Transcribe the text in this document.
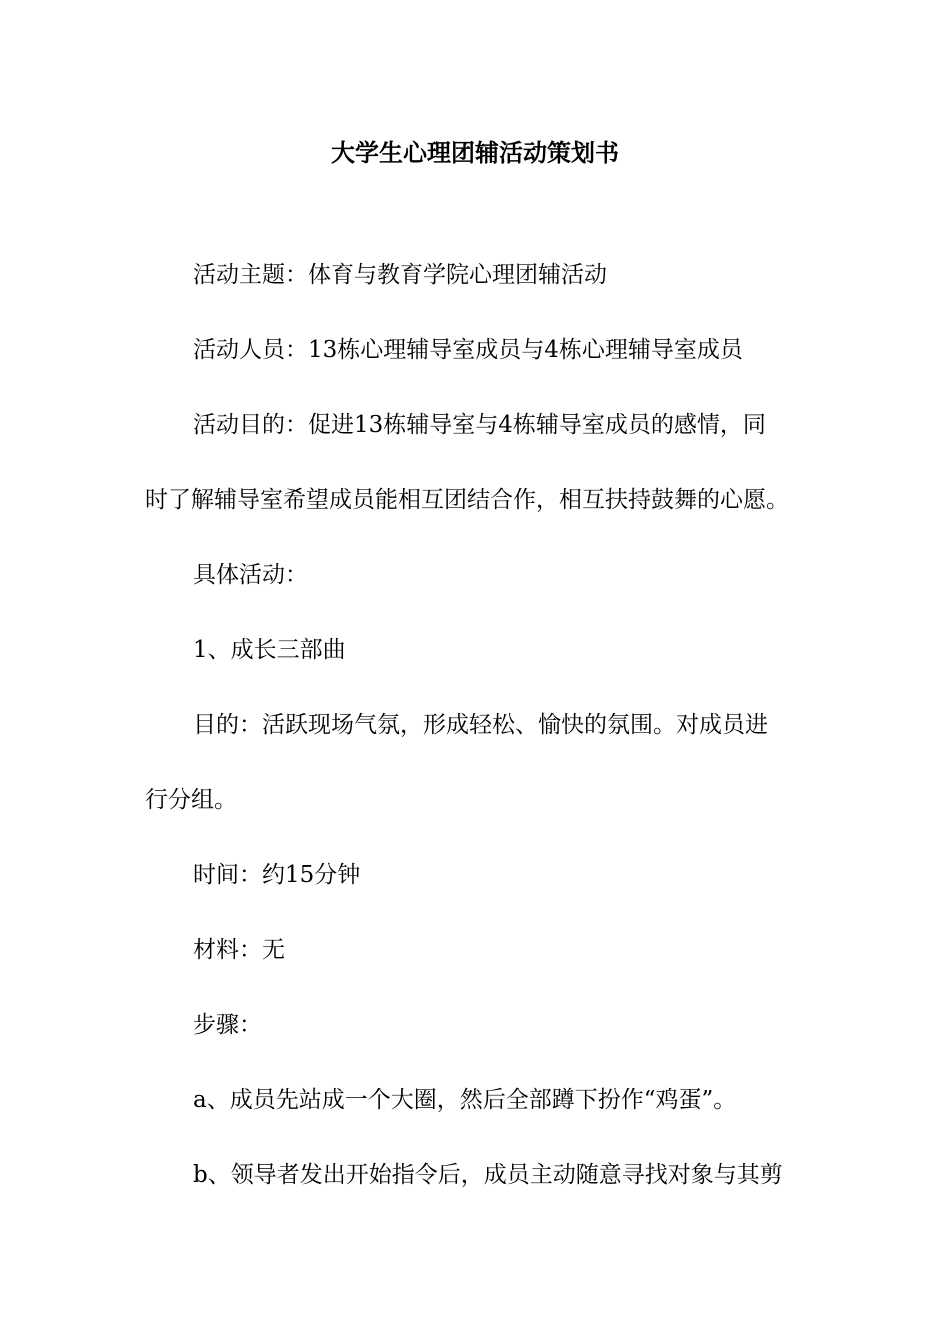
大学生心理团辅活动策划书
活动主题：体育与教育学院心理团辅活动
活动人员：13栋心理辅导室成员与4栋心理辅导室成员
活动目的：促进13栋辅导室与4栋辅导室成员的感情，同
时了解辅导室希望成员能相互团结合作，相互扶持鼓舞的心愿。
具体活动：
1、成长三部曲
目的：活跃现场气氛，形成轻松、愉快的氛围。对成员进
行分组。
时间：约15分钟
材料：无
步骤：
a、成员先站成一个大圈，然后全部蹲下扮作“鸡蛋”。
b、领导者发出开始指令后，成员主动随意寻找对象与其剪
